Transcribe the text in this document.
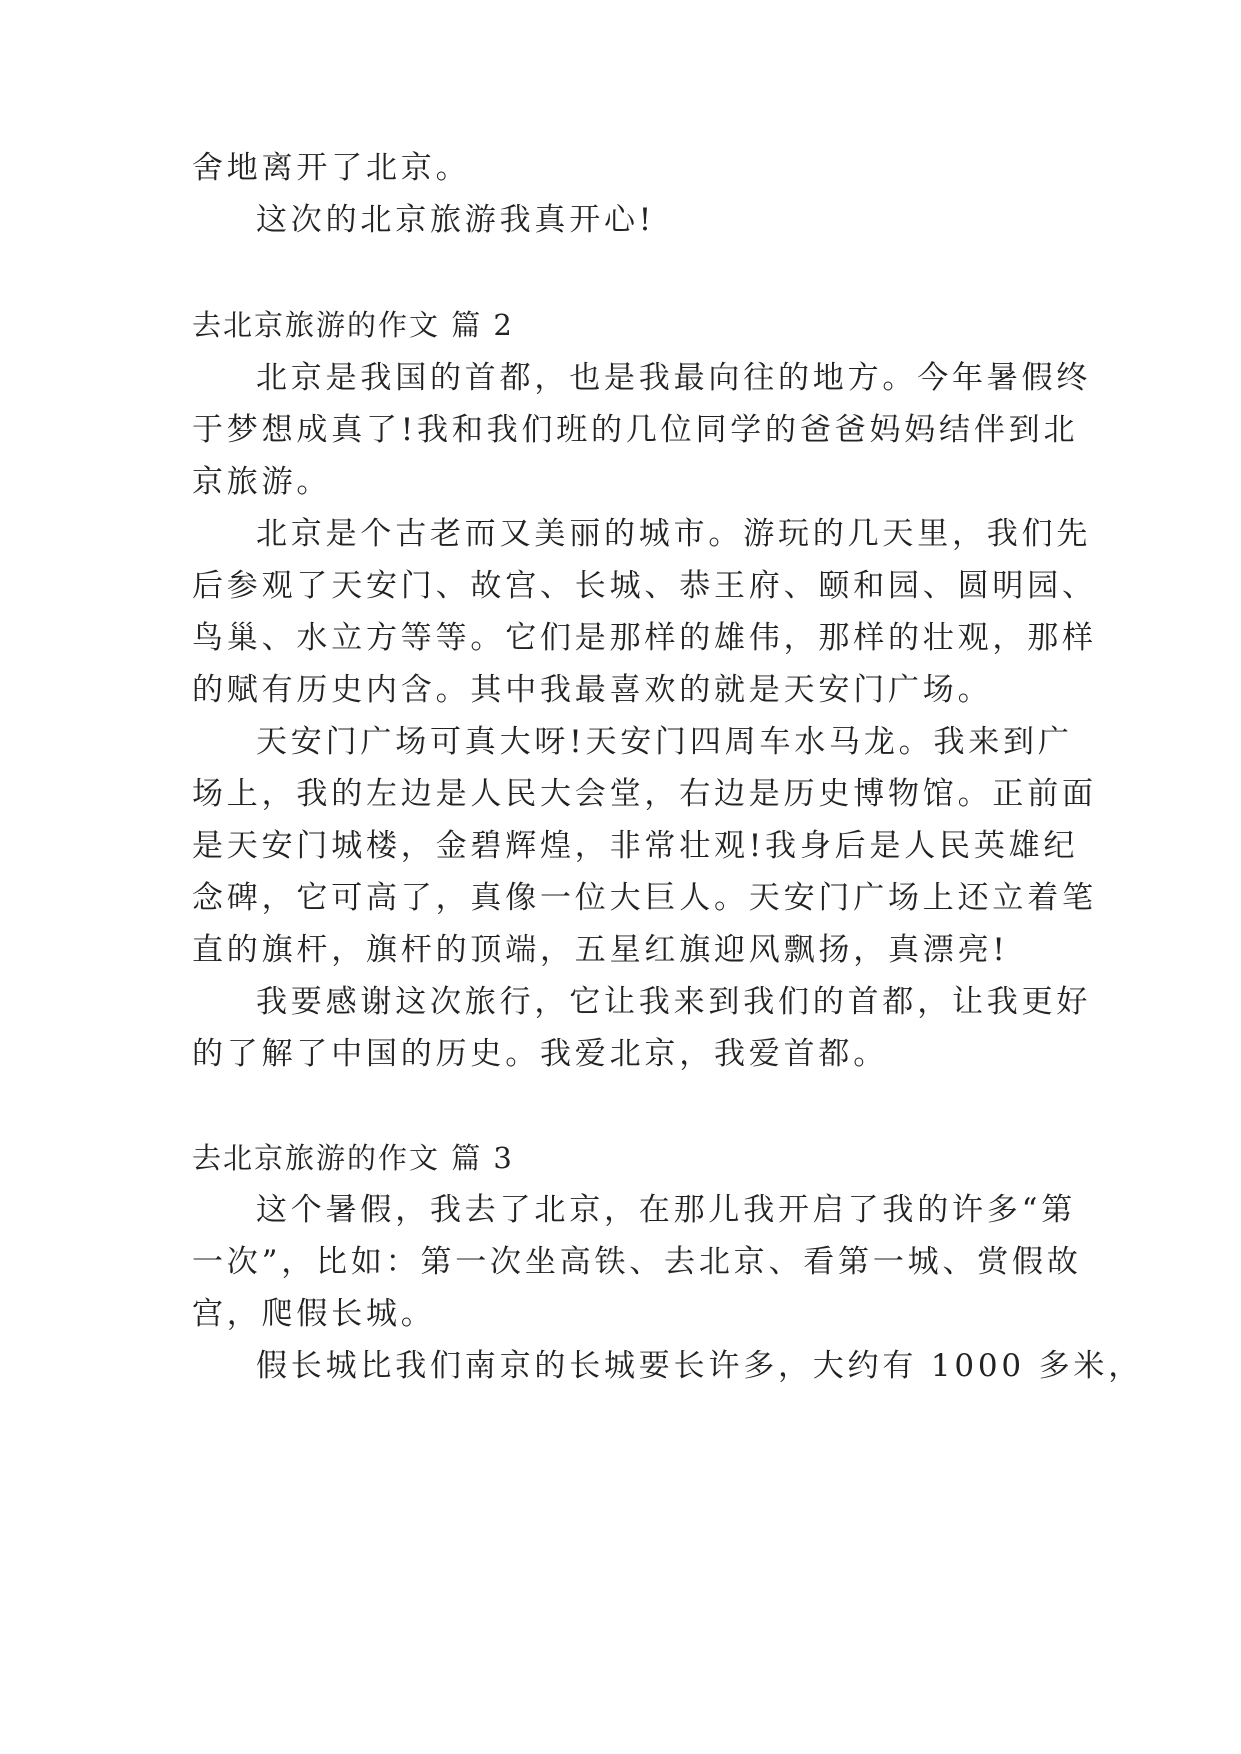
舍地离开了北京。
这次的北京旅游我真开心!
去北京旅游的作文 篇 2
北京是我国的首都，也是我最向往的地方。今年暑假终
于梦想成真了!我和我们班的几位同学的爸爸妈妈结伴到北
京旅游。
北京是个古老而又美丽的城市。游玩的几天里，我们先
后参观了天安门、故宫、长城、恭王府、颐和园、圆明园、
鸟巢、水立方等等。它们是那样的雄伟，那样的壮观，那样
的赋有历史内含。其中我最喜欢的就是天安门广场。
天安门广场可真大呀!天安门四周车水马龙。我来到广
场上，我的左边是人民大会堂，右边是历史博物馆。正前面
是天安门城楼，金碧辉煌，非常壮观!我身后是人民英雄纪
念碑，它可高了，真像一位大巨人。天安门广场上还立着笔
直的旗杆，旗杆的顶端，五星红旗迎风飘扬，真漂亮!
我要感谢这次旅行，它让我来到我们的首都，让我更好
的了解了中国的历史。我爱北京，我爱首都。
去北京旅游的作文 篇 3
这个暑假，我去了北京，在那儿我开启了我的许多“第
一次”，比如：第一次坐高铁、去北京、看第一城、赏假故
宫，爬假长城。
假长城比我们南京的长城要长许多，大约有 1000 多米，
